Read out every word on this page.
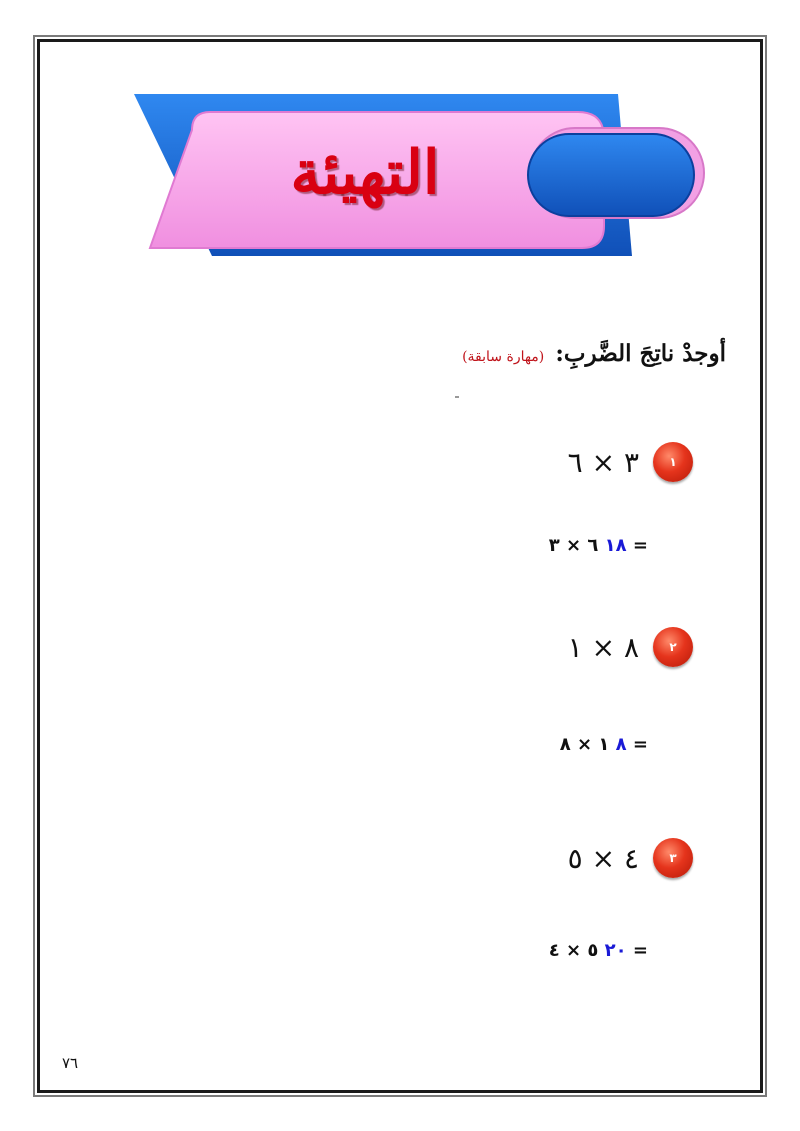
التهيئة
أوجدْ ناتِجَ الضَّربِ: (مهارة سابقة)
١
٣ × ٦
١٨ ٦ × ٣ =
٢
٨ × ١
٨ ١ × ٨ =
٣
٤ × ٥
٢٠ ٥ × ٤ =
٧٦
